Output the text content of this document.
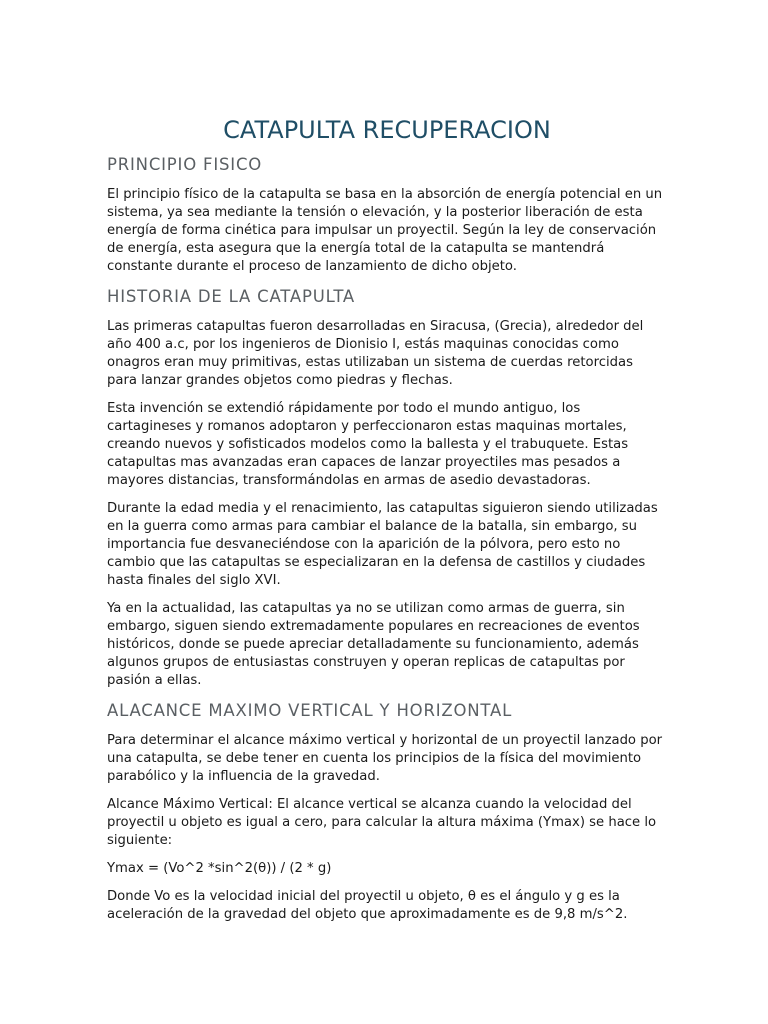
CATAPULTA RECUPERACION
PRINCIPIO FISICO

El principio físico de la catapulta se basa en la absorción de energía potencial en un sistema, ya sea mediante la tensión o elevación, y la posterior liberación de esta energía de forma cinética para impulsar un proyectil. Según la ley de conservación de energía, esta asegura que la energía total de la catapulta se mantendrá constante durante el proceso de lanzamiento de dicho objeto.

HISTORIA DE LA CATAPULTA

Las primeras catapultas fueron desarrolladas en Siracusa, (Grecia), alrededor del año 400 a.c, por los ingenieros de Dionisio I, estás maquinas conocidas como onagros eran muy primitivas, estas utilizaban un sistema de cuerdas retorcidas para lanzar grandes objetos como piedras y flechas.

Esta invención se extendió rápidamente por todo el mundo antiguo, los cartagineses y romanos adoptaron y perfeccionaron estas maquinas mortales, creando nuevos y sofisticados modelos como la ballesta y el trabuquete. Estas catapultas mas avanzadas eran capaces de lanzar proyectiles mas pesados a mayores distancias, transformándolas en armas de asedio devastadoras.

Durante la edad media y el renacimiento, las catapultas siguieron siendo utilizadas en la guerra como armas para cambiar el balance de la batalla, sin embargo, su importancia fue desvaneciéndose con la aparición de la pólvora, pero esto no cambio que las catapultas se especializaran en la defensa de castillos y ciudades hasta finales del siglo XVI.

Ya en la actualidad, las catapultas ya no se utilizan como armas de guerra, sin embargo, siguen siendo extremadamente populares en recreaciones de eventos históricos, donde se puede apreciar detalladamente su funcionamiento, además algunos grupos de entusiastas construyen y operan replicas de catapultas por pasión a ellas.

ALACANCE MAXIMO VERTICAL Y HORIZONTAL

Para determinar el alcance máximo vertical y horizontal de un proyectil lanzado por una catapulta, se debe tener en cuenta los principios de la física del movimiento parabólico y la influencia de la gravedad.

Alcance Máximo Vertical: El alcance vertical se alcanza cuando la velocidad del proyectil u objeto es igual a cero, para calcular la altura máxima (Ymax) se hace lo siguiente:

Ymax = (Vo^2 *sin^2(θ)) / (2 * g)

Donde Vo es la velocidad inicial del proyectil u objeto, θ es el ángulo y g es la aceleración de la gravedad del objeto que aproximadamente es de 9,8 m/s^2.
